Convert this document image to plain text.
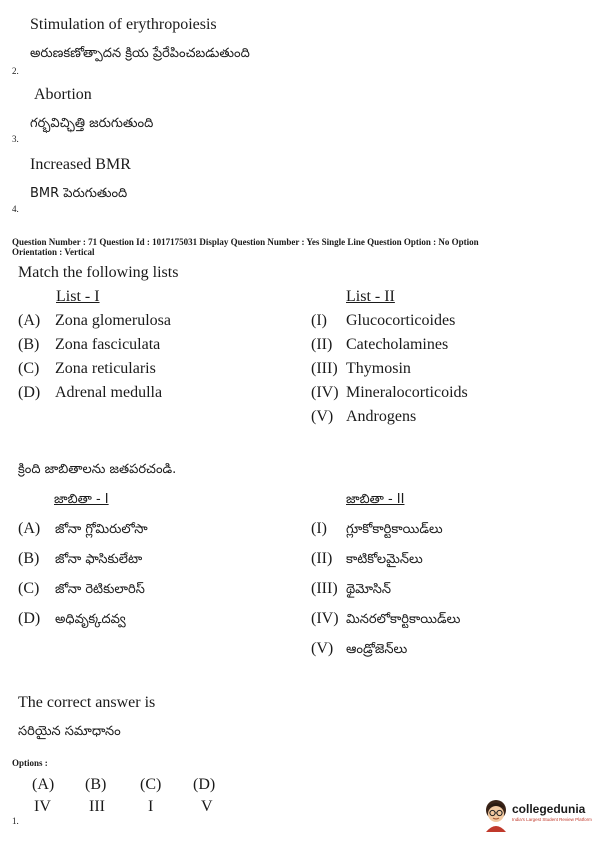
Stimulation of erythropoiesis
అరుణకణోత్పాదన క్రియ ప్రేరేపించబడుతుంది
2.
Abortion
గర్భవిచ్ఛిత్తి జరుగుతుంది
3.
Increased BMR
BMR పెరుగుతుంది
4.
Question Number : 71 Question Id : 1017175031 Display Question Number : Yes Single Line Question Option : No Option
Orientation : Vertical
Match the following lists
List - I	List - II
(A) Zona glomerulosa
(B) Zona fasciculata
(C) Zona reticularis
(D) Adrenal medulla
(I) Glucocorticoides
(II) Catecholamines
(III) Thymosin
(IV) Mineralocorticoids
(V) Androgens
క్రింది జాబితాలను జతపరచండి.
జాబితా - I	జాబితా - II
(A) జోనా గ్లోమిరులోసా
(B) జోనా ఫాసికులేటా
(C) జోనా రెటికులారిస్
(D) అధివృక్కదవ్వ
(I) గ్లూకోకార్టికాయిడ్‌లు
(II) కాటికోలమైన్‌లు
(III) థైమోసిన్
(IV) మినరలోకార్టికాయిడ్‌లు
(V) ఆండ్రోజెన్‌లు
The correct answer is
సరియైన సమాధానం
Options :
(A) (B) (C) (D)
IV III	I	V
1.
collegedunia
India's Largest Student Review Platform
